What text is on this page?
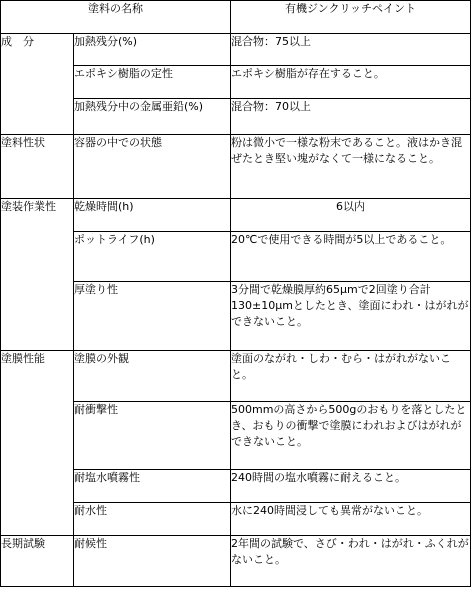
塗料の名称		有機ジンクリッチペイント
成　分	加熱残分(%)	混合物：75以上
	エポキシ樹脂の定性	エポキシ樹脂が存在すること。
	加熱残分中の金属亜鉛(%)	混合物：70以上
塗料性状	容器の中での状態	粉は微小で一様な粉末であること。液はかき混ぜたとき堅い塊がなくて一様になること。
塗装作業性	乾燥時間(h)	6以内
	ポットライフ(h)	20℃で使用できる時間が5以上であること。
	厚塗り性	3分間で乾燥膜厚約65μmで2回塗り合計130±10μmとしたとき、塗面にわれ・はがれができないこと。
塗膜性能	塗膜の外観	塗面のながれ・しわ・むら・はがれがないこと。
	耐衝撃性	500mmの高さから500gのおもりを落としたとき、おもりの衝撃で塗膜にわれおよびはがれができないこと。
	耐塩水噴霧性	240時間の塩水噴霧に耐えること。
	耐水性	水に240時間浸しても異常がないこと。
長期試験	耐候性	2年間の試験で、さび・われ・はがれ・ふくれがないこと。
